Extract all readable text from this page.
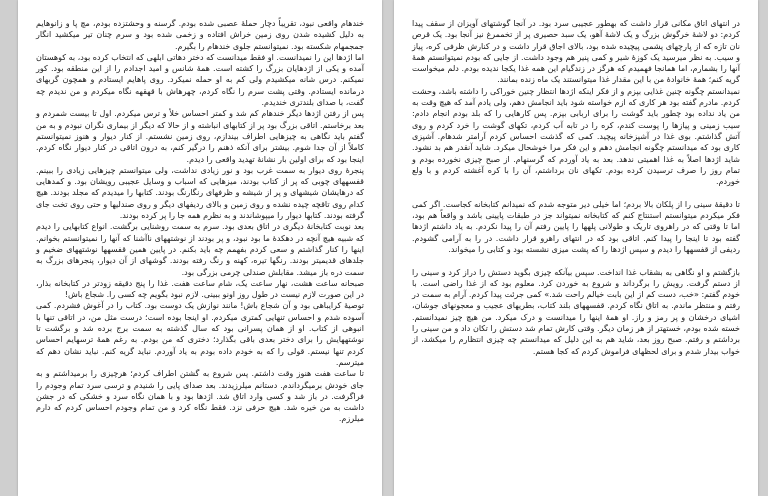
خندهام واقعی نبود، تقریباً دچار حملهٔ عصبی شده بودم. گرسنه و وحشتزده بودم، مچ پا و زانوهایم به دلیل کشیده شدن روی زمین خراش افتاده و زخمی شده بود و سرم چنان تیر میکشید انگار جمجمهام شکسته بود. نمیتوانستم جلوی خندهام را بگیرم.

اما اژدها این را نمیدانست. او فقط میدانست که دختر دهاتی ابلهی که انتخاب کرده بود، به کوهستان آمده و یکی از اژدهایان بزرگ را کشته است. همهٔ شانس و امید اجدادم را از این منطقه بود. کور نمیکنم. درس شانه میکشیدم ولی کم به او حمله نمیکرد. روی پاهایم ایستادم و همچون گربهای درمانده ایستادم. وقتی پشت سرم را نگاه کردم، چهرهاش با قهقهه نگاه میکردم و من ندیدم چه گفت، با صدای بلندتری خندیدم.

پس از رفتن اژدها دیگر خندهام کم شد و کمتر احساس خلأ و ترس میکردم. اول تا بیست شمردم و بعد برخاستم. اتاقی بزرگ بود پر از کتابهای انباشته و از حالا که دیگر از بیماری نگران نبودم و به من گفتم باید نگاهی به چیزهایی اطراف بیندازم، روی زمین نشستم. از کنار دیوار و هنوز نمیتوانستم کاملاً از آن جدا شوم. بیشتر برای آنکه ذهنم را درگیر کنم، به درون اتاقی در کنار دیوار نگاه کردم. اینجا بود که برای اولین بار نشانهٔ تهدید واقعی را دیدم.

پنجرهٔ روی دیوار به سمت غرب بود و نور زیادی نداشت، ولی میتوانستم چیزهایی زیادی را ببینم. قفسههای چوبی که پر از کتاب بودند، میزهایی که اسباب و وسایل عجیبی رویشان بود. و کمدهایی که درهایشان شیشهای و پر از شیشه و ظرفهای رنگارنگ بودند. کتابها را میدیدم که مجلد بودند. هیچ کدام روی تاقچه چیده نشده و روی زمین و بالای ردیفهای دیگر و روی صندلیها و حتی روی تخت جای گرفته بودند. کتابها دیوار را میپوشاندند و به نظرم همه جا را پر کرده بودند.

بعد نوبت کتابخانهٔ دیگری در اتاق بعدی بود. سرم به سمت روشنایی برگشت. انواع کتابهایی را دیدم که شبیه هیچ آنچه در دهکدهٔ ما بود نبود، و پر بودند از نوشتههای ناآشنا که آنها را نمیتوانستم بخوانم. اینها را کنار گذاشتم و سعی کردم بفهمم چه باید بکنم. در پایین همین قفسهها نوشتههای ضخیم و جلدهای قدیمیتر بودند. رنگها تیره، کهنه و رنگ رفته بودند. گوشهای از آن دیوار، پنجرهای بزرگ به سمت دره باز میشد. مقابلش صندلی چرمی بزرگی بود.

صبحانه ساعت هشت، نهار ساعت یک، شام ساعت هفت. غذا را پنج دقیقه زودتر در کتابخانه بذار، در این صورت لازم نیست در طول روز اونو ببینی. لازم نبود بگویم چه کسی را. شجاع باش!

توصیهٔ کرایباهی بود و آن شجاع باش! مانند نوازش یک دوست بود. کتاب را در آغوش فشردم. کمی آسوده شدم و احساس تنهایی کمتری میکردم. او اینجا بوده است؛ درست مثل من، در اتاقی تنها با انبوهی از کتاب. او از همان پسرانی بود که سال گذشته به سمت برج برده شد و برگشت تا نوشتههایش را برای دختر بعدی باقی بگذارد؛ دختری که من بودم. به رغم همهٔ ترسهایم احساس کردم تنها نیستم. قولی را که به خودم داده بودم به یاد آوردم. نباید گریه کنم. نباید نشان دهم که میترسم.

تا ساعت هفت هنوز وقت داشتم. پس شروع به گشتن اطراف کردم؛ هرچیزی را برمیداشتم و به جای خودش برمیگرداندم. دستانم میلرزیدند. بعد صدای پایی را شنیدم و ترسی سرد تمام وجودم را فراگرفت. در باز شد و کسی وارد اتاق شد. اژدها بود و با همان نگاه سرد و خشکی که در جشن داشت به من خیره شد. هیچ حرفی نزد. فقط نگاه کرد و من تمام وجودم احساس کردم که دارم میلرزم.

در انتهای اتاق مکانی قرار داشت که بهطور عجیبی سرد بود. در آنجا گوشتهای آویزان از سقف پیدا کردم: دو لاشهٔ خرگوش بزرگ و یک لاشهٔ آهو، یک سبد حصیری پر از تخممرغ نیز آنجا بود. یک قرص نان تازه که از پارچهای پشمی پیچیده شده بود، بالای اجاق قرار داشت و در کنارش ظرفی کره، پیاز و سیب. به نظر میرسید یک کوزهٔ شیر و کمی پنیر هم وجود داشت. از جایی که بودم نمیتوانستم همهٔ آنها را بشمارم، اما همانجا فهمیدم که هرگز در زندگیام این همه غذا یکجا ندیده بودم. دلم میخواست گریه کنم؛ همهٔ خانوادهٔ من با این مقدار غذا میتوانستند یک ماه زنده بمانند.

نمیدانستم چگونه چنین غذایی بپزم و از فکر اینکه اژدها انتظار چنین خوراکی را داشته باشد، وحشت کردم. مادرم گفته بود هر کاری که ازم خواسته شود باید انجامش دهم، ولی یادم آمد که هیچ وقت به من یاد نداده بود چطور باید گوشت را برای اربابی بپزم. پس کارهایی را که بلد بودم انجام دادم: سیب زمینی و پیازها را پوست کندم، کره را در تابه آب کردم، تکهای گوشت را خرد کردم و روی آتش گذاشتم. بوی غذا در آشپزخانه پیچید. کمی که گذشت احساس کردم آرامتر شدهام. آشپزی کاری بود که میدانستم چگونه انجامش دهم و این فکر مرا خوشحال میکرد. شاید آنقدر هم بد نشود. شاید اژدها اصلاً به غذا اهمیتی ندهد. بعد به یاد آوردم که گرسنهام. از صبح چیزی نخورده بودم و تمام روز را صرف ترسیدن کرده بودم. تکهای نان برداشتم، آن را با کره آغشته کردم و با ولع خوردم.

تا دقیقهٔ سینی را از پلکان بالا بردم؛ اما خیلی دیر متوجه شدم که نمیدانم کتابخانه کجاست. اگر کمی فکر میکردم میتوانستم استنتاج کنم که کتابخانه نمیتواند جز در طبقات پایینی باشد و واقعاً هم بود، اما تا وقتی که در راهروی تاریک و طولانی پلهها را پایین رفتم آن را پیدا نکردم. به یاد داشتم اژدها گفته بود تا اینجا را پیدا کنم. اتاقی بود که در انتهای راهرو قرار داشت. در را به آرامی گشودم. ردیفی از قفسهها را دیدم و سپس اژدها را که پشت میزی نشسته بود و کتابی را میخواند.

بازگشتم و او نگاهی به بشقاب غذا انداخت. سپس بیآنکه چیزی بگوید دستش را دراز کرد و سینی را از دستم گرفت. رویش را برگرداند و شروع به خوردن کرد. معلوم بود که از غذا راضی است. با خودم گفتم: «خب، دست کم از این بابت خیالم راحت شد.» کمی جرئت پیدا کردم. آرام به سمت در رفتم و منتظر ماندم. به اتاق نگاه کردم. قفسههای بلند کتاب، بطریهای عجیب و معجونهای جوشان، اشیای درخشان و پر رمز و راز. او همهٔ اینها را میدانست و درک میکرد. من هیچ چیز نمیدانستم. خسته شده بودم، خستهتر از هر زمان دیگر. وقتی کارش تمام شد دستش را تکان داد و من سینی را برداشتم و رفتم. صبح روز بعد، شاید هم به این دلیل که میدانستم چه چیزی انتظارم را میکشد، از خواب بیدار شدم و برای لحظهای فراموش کردم که کجا هستم.
